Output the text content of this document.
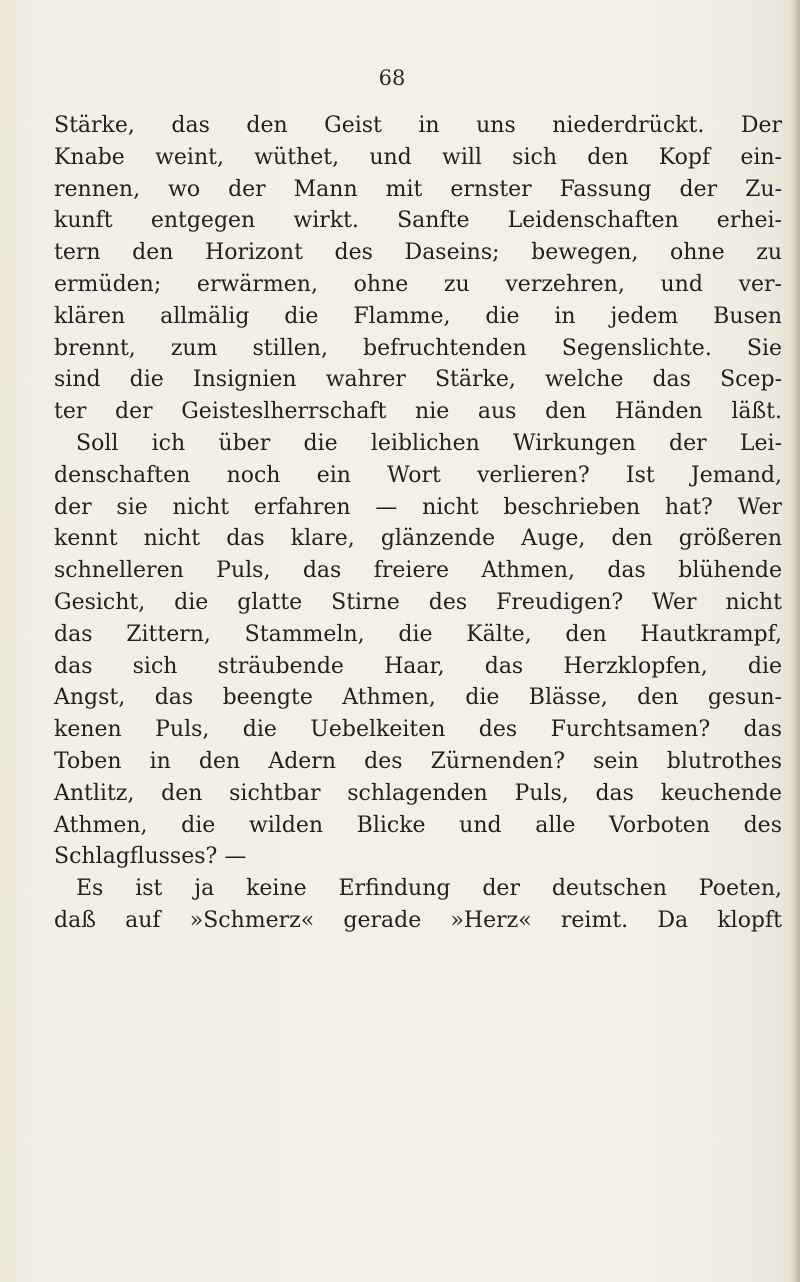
68
Stärke, das den Geist in uns niederdrückt. Der
Knabe weint, wüthet, und will sich den Kopf ein-
rennen, wo der Mann mit ernster Fassung der Zu-
kunft entgegen wirkt. Sanfte Leidenschaften erhei-
tern den Horizont des Daseins; bewegen, ohne zu
ermüden; erwärmen, ohne zu verzehren, und ver-
klären allmälig die Flamme, die in jedem Busen
brennt, zum stillen, befruchtenden Segenslichte. Sie
sind die Insignien wahrer Stärke, welche das Scep-
ter der Geisteslherrschaft nie aus den Händen läßt.
Soll ich über die leiblichen Wirkungen der Lei-
denschaften noch ein Wort verlieren? Ist Jemand,
der sie nicht erfahren — nicht beschrieben hat? Wer
kennt nicht das klare, glänzende Auge, den größeren
schnelleren Puls, das freiere Athmen, das blühende
Gesicht, die glatte Stirne des Freudigen? Wer nicht
das Zittern, Stammeln, die Kälte, den Hautkrampf,
das sich sträubende Haar, das Herzklopfen, die
Angst, das beengte Athmen, die Blässe, den gesun-
kenen Puls, die Uebelkeiten des Furchtsamen? das
Toben in den Adern des Zürnenden? sein blutrothes
Antlitz, den sichtbar schlagenden Puls, das keuchende
Athmen, die wilden Blicke und alle Vorboten des
Schlagflusses? —
Es ist ja keine Erfindung der deutschen Poeten,
daß auf »Schmerz« gerade »Herz« reimt. Da klopft
